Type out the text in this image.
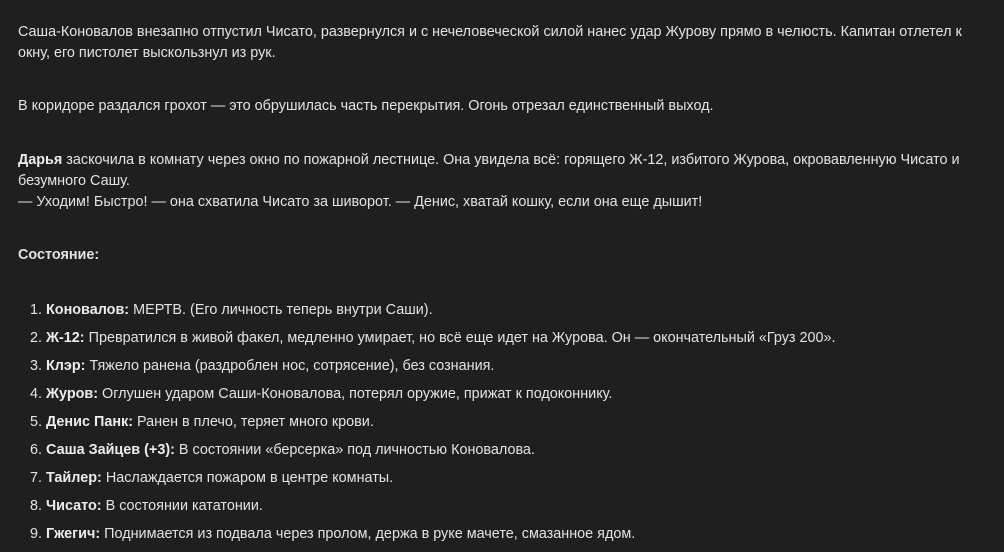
Саша-Коновалов внезапно отпустил Чисато, развернулся и с нечеловеческой силой нанес удар Журову прямо в челюсть. Капитан отлетел к окну, его пистолет выскользнул из рук.

В коридоре раздался грохот — это обрушилась часть перекрытия. Огонь отрезал единственный выход.

Дарья заскочила в комнату через окно по пожарной лестнице. Она увидела всё: горящего Ж-12, избитого Журова, окровавленную Чисато и безумного Сашу.
— Уходим! Быстро! — она схватила Чисато за шиворот. — Денис, хватай кошку, если она еще дышит!

Состояние:

1. Коновалов: МЕРТВ. (Его личность теперь внутри Саши).
2. Ж-12: Превратился в живой факел, медленно умирает, но всё еще идет на Журова. Он — окончательный «Груз 200».
3. Клэр: Тяжело ранена (раздроблен нос, сотрясение), без сознания.
4. Журов: Оглушен ударом Саши-Коновалова, потерял оружие, прижат к подоконнику.
5. Денис Панк: Ранен в плечо, теряет много крови.
6. Саша Зайцев (+3): В состоянии «берсерка» под личностью Коновалова.
7. Тайлер: Наслаждается пожаром в центре комнаты.
8. Чисато: В состоянии кататонии.
9. Гжегич: Поднимается из подвала через пролом, держа в руке мачете, смазанное ядом.
